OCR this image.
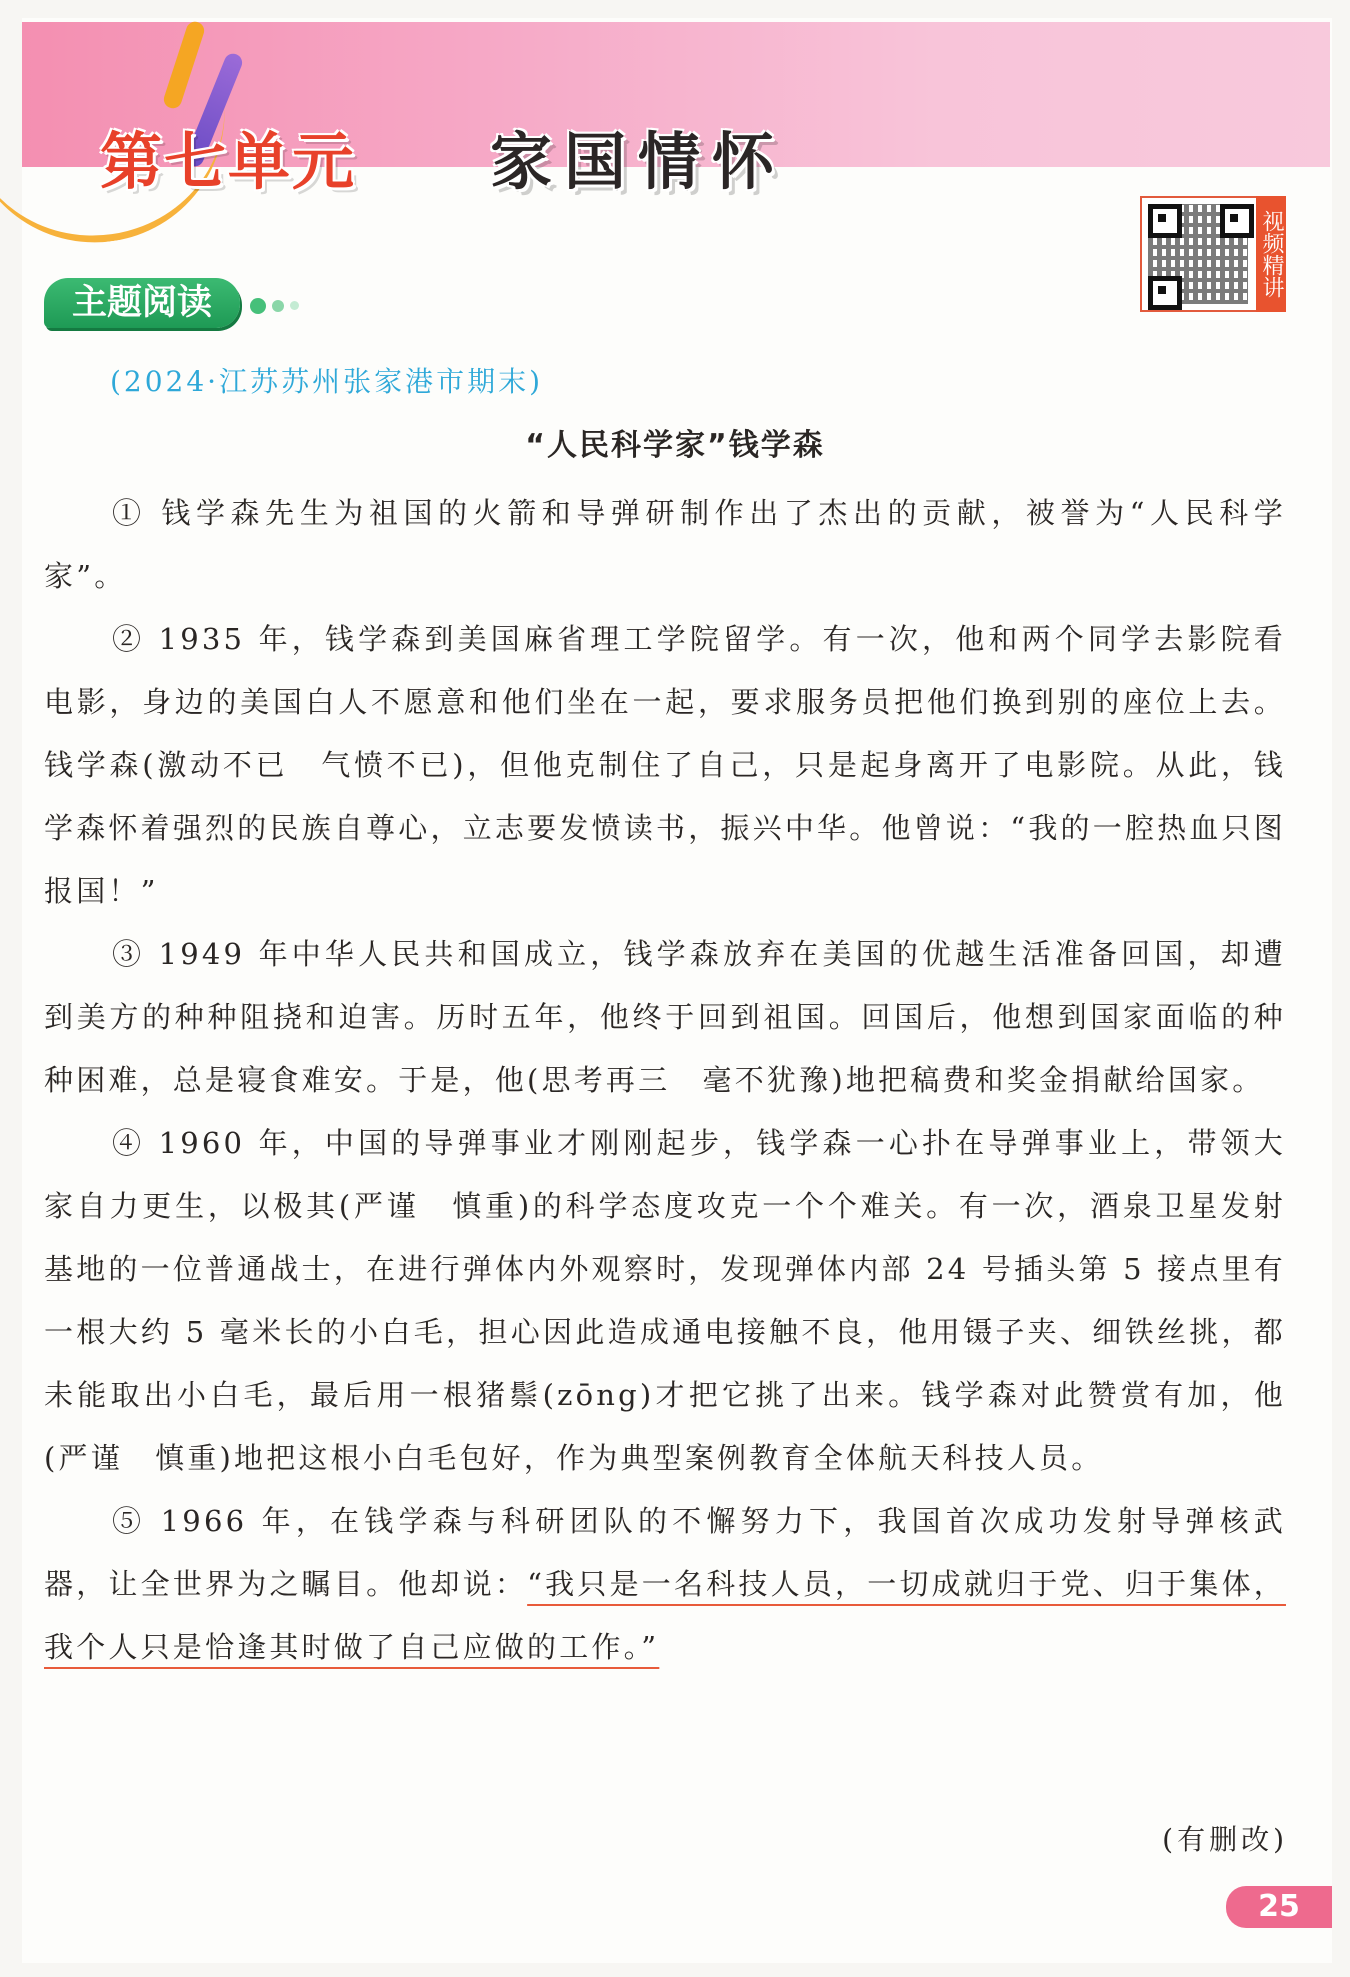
第七单元 家国情怀
视频精讲
主题阅读
(2024·江苏苏州张家港市期末)
“人民科学家”钱学森

① 钱学森先生为祖国的火箭和导弹研制作出了杰出的贡献，被誉为“人民科学家”。

② 1935 年，钱学森到美国麻省理工学院留学。有一次，他和两个同学去影院看电影，身边的美国白人不愿意和他们坐在一起，要求服务员把他们换到别的座位上去。钱学森(激动不已　气愤不已)，但他克制住了自己，只是起身离开了电影院。从此，钱学森怀着强烈的民族自尊心，立志要发愤读书，振兴中华。他曾说：“我的一腔热血只图报国！”

③ 1949 年中华人民共和国成立，钱学森放弃在美国的优越生活准备回国，却遭到美方的种种阻挠和迫害。历时五年，他终于回到祖国。回国后，他想到国家面临的种种困难，总是寝食难安。于是，他(思考再三　毫不犹豫)地把稿费和奖金捐献给国家。

④ 1960 年，中国的导弹事业才刚刚起步，钱学森一心扑在导弹事业上，带领大家自力更生，以极其(严谨　慎重)的科学态度攻克一个个难关。有一次，酒泉卫星发射基地的一位普通战士，在进行弹体内外观察时，发现弹体内部 24 号插头第 5 接点里有一根大约 5 毫米长的小白毛，担心因此造成通电接触不良，他用镊子夹、细铁丝挑，都未能取出小白毛，最后用一根猪鬃(zōng)才把它挑了出来。钱学森对此赞赏有加，他(严谨　慎重)地把这根小白毛包好，作为典型案例教育全体航天科技人员。

⑤ 1966 年，在钱学森与科研团队的不懈努力下，我国首次成功发射导弹核武器，让全世界为之瞩目。他却说：“我只是一名科技人员，一切成就归于党、归于集体，我个人只是恰逢其时做了自己应做的工作。”

(有删改)
25
